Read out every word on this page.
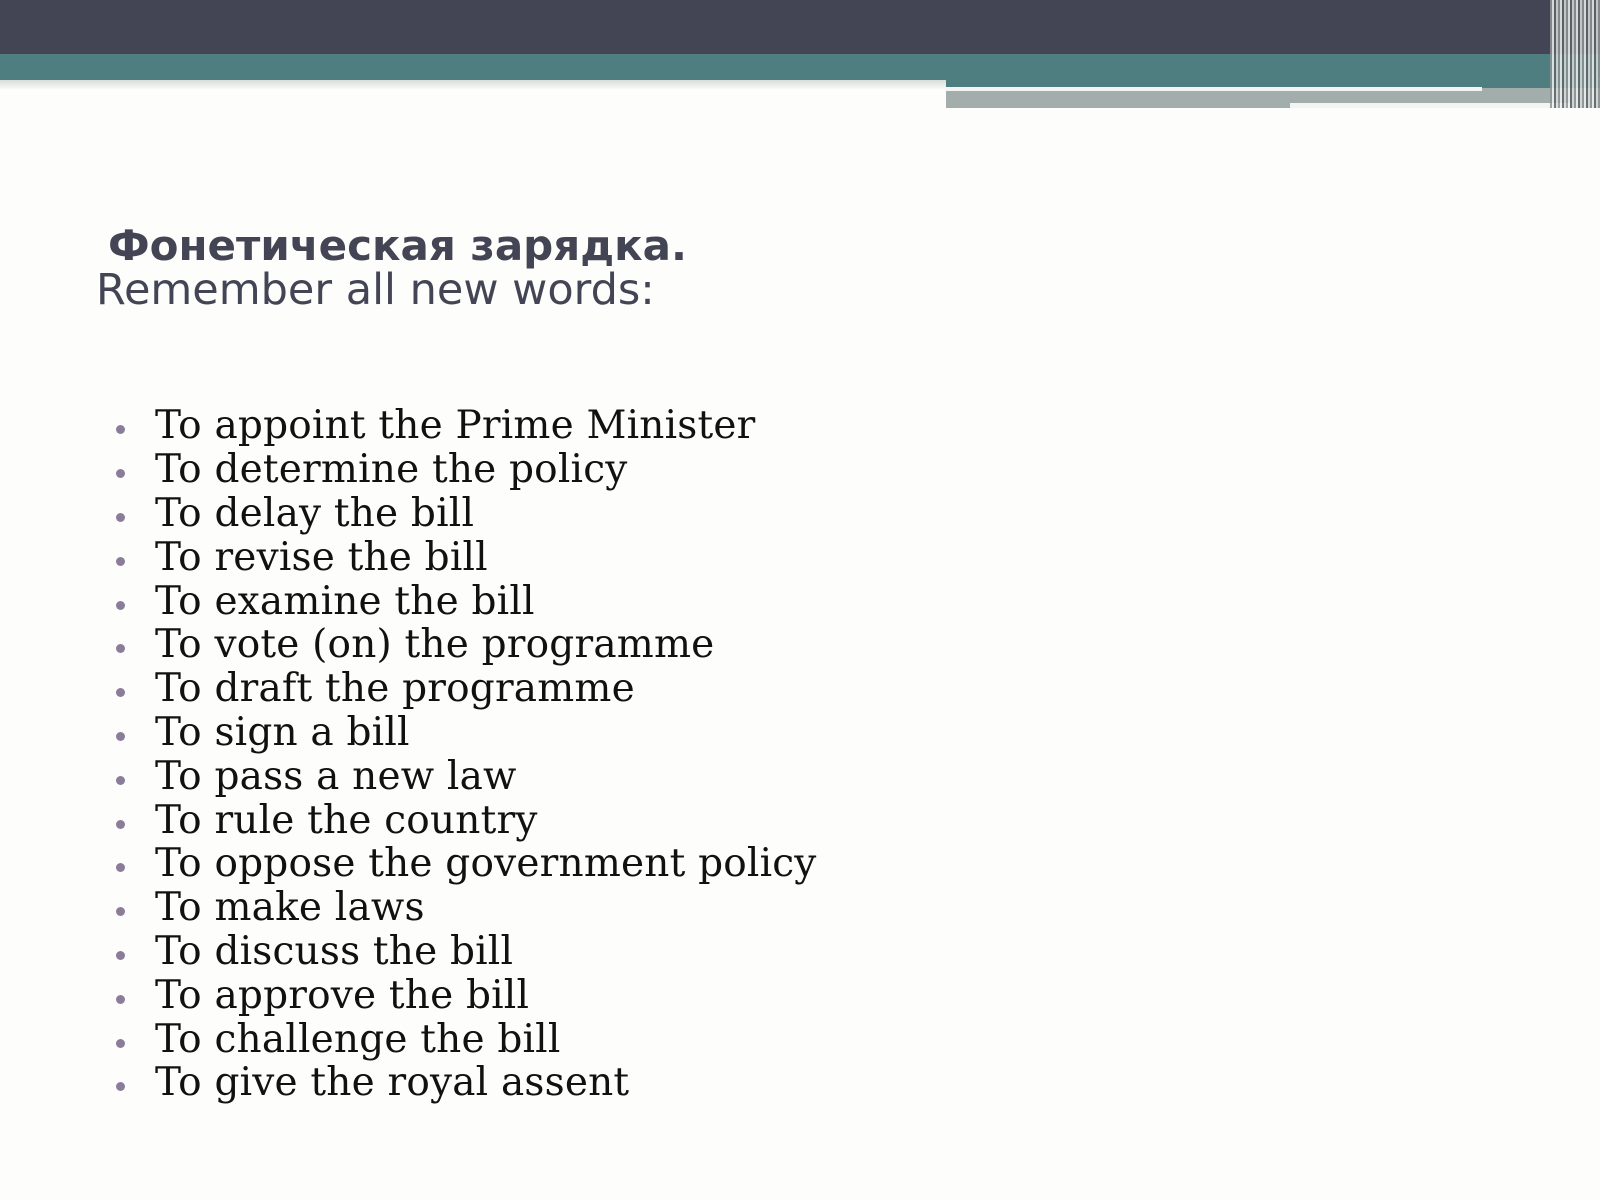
Фонетическая зарядка.
Remember all new words:
To appoint the Prime Minister
To determine the policy
To delay the bill
To revise the bill
To examine the bill
To vote (on) the programme
To draft the programme
To sign a bill
To pass a new law
To rule the country
To oppose the government policy
To make laws
To discuss the bill
To approve the bill
To challenge the bill
To give the royal assent
